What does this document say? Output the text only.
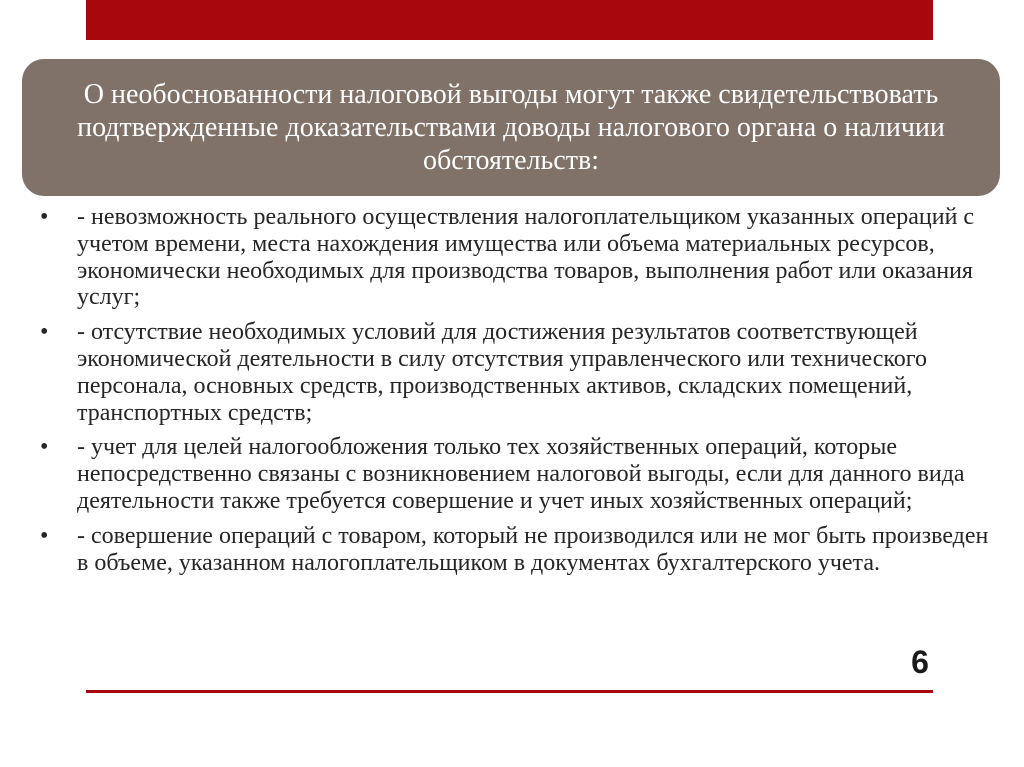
О необоснованности налоговой выгоды могут также свидетельствовать подтвержденные доказательствами доводы налогового органа о наличии обстоятельств:

• - невозможность реального осуществления налогоплательщиком указанных операций с учетом времени, места нахождения имущества или объема материальных ресурсов, экономически необходимых для производства товаров, выполнения работ или оказания услуг;
• - отсутствие необходимых условий для достижения результатов соответствующей экономической деятельности в силу отсутствия управленческого или технического персонала, основных средств, производственных активов, складских помещений, транспортных средств;
• - учет для целей налогообложения только тех хозяйственных операций, которые непосредственно связаны с возникновением налоговой выгоды, если для данного вида деятельности также требуется совершение и учет иных хозяйственных операций;
• - совершение операций с товаром, который не производился или не мог быть произведен в объеме, указанном налогоплательщиком в документах бухгалтерского учета.
6
